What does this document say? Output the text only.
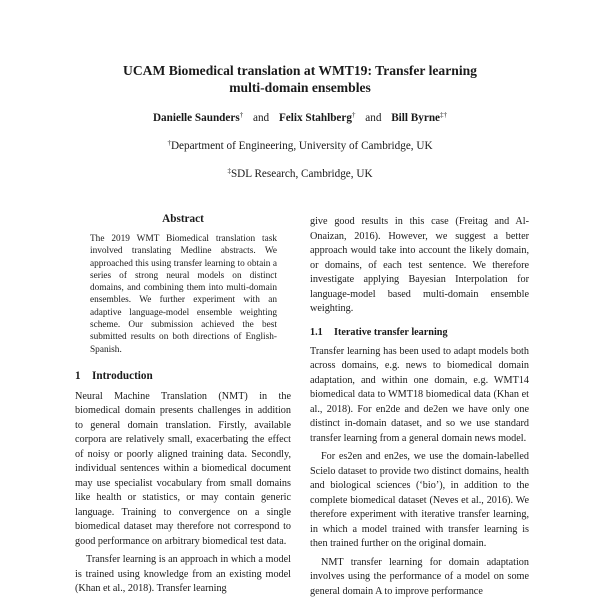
UCAM Biomedical translation at WMT19: Transfer learning
multi-domain ensembles
Danielle Saunders† and Felix Stahlberg† and Bill Byrne‡†
†Department of Engineering, University of Cambridge, UK
‡SDL Research, Cambridge, UK
Abstract

The 2019 WMT Biomedical translation task involved translating Medline abstracts. We approached this using transfer learning to obtain a series of strong neural models on distinct domains, and combining them into multi-domain ensembles. We further experiment with an adaptive language-model ensemble weighting scheme. Our submission achieved the best submitted results on both directions of English-Spanish.

1 Introduction

Neural Machine Translation (NMT) in the biomedical domain presents challenges in addition to general domain translation. Firstly, available corpora are relatively small, exacerbating the effect of noisy or poorly aligned training data. Secondly, individual sentences within a biomedical document may use specialist vocabulary from small domains like health or statistics, or may contain generic language. Training to convergence on a single biomedical dataset may therefore not correspond to good performance on arbitrary biomedical test data.

Transfer learning is an approach in which a model is trained using knowledge from an existing model (Khan et al., 2018). Transfer learning

give good results in this case (Freitag and Al-Onaizan, 2016). However, we suggest a better approach would take into account the likely domain, or domains, of each test sentence. We therefore investigate applying Bayesian Interpolation for language-model based multi-domain ensemble weighting.

1.1 Iterative transfer learning

Transfer learning has been used to adapt models both across domains, e.g. news to biomedical domain adaptation, and within one domain, e.g. WMT14 biomedical data to WMT18 biomedical data (Khan et al., 2018). For en2de and de2en we have only one distinct in-domain dataset, and so we use standard transfer learning from a general domain news model.

For es2en and en2es, we use the domain-labelled Scielo dataset to provide two distinct domains, health and biological sciences (‘bio’), in addition to the complete biomedical dataset (Neves et al., 2016). We therefore experiment with iterative transfer learning, in which a model trained with transfer learning is then trained further on the original domain.

NMT transfer learning for domain adaptation involves using the performance of a model on some general domain A to improve performance
